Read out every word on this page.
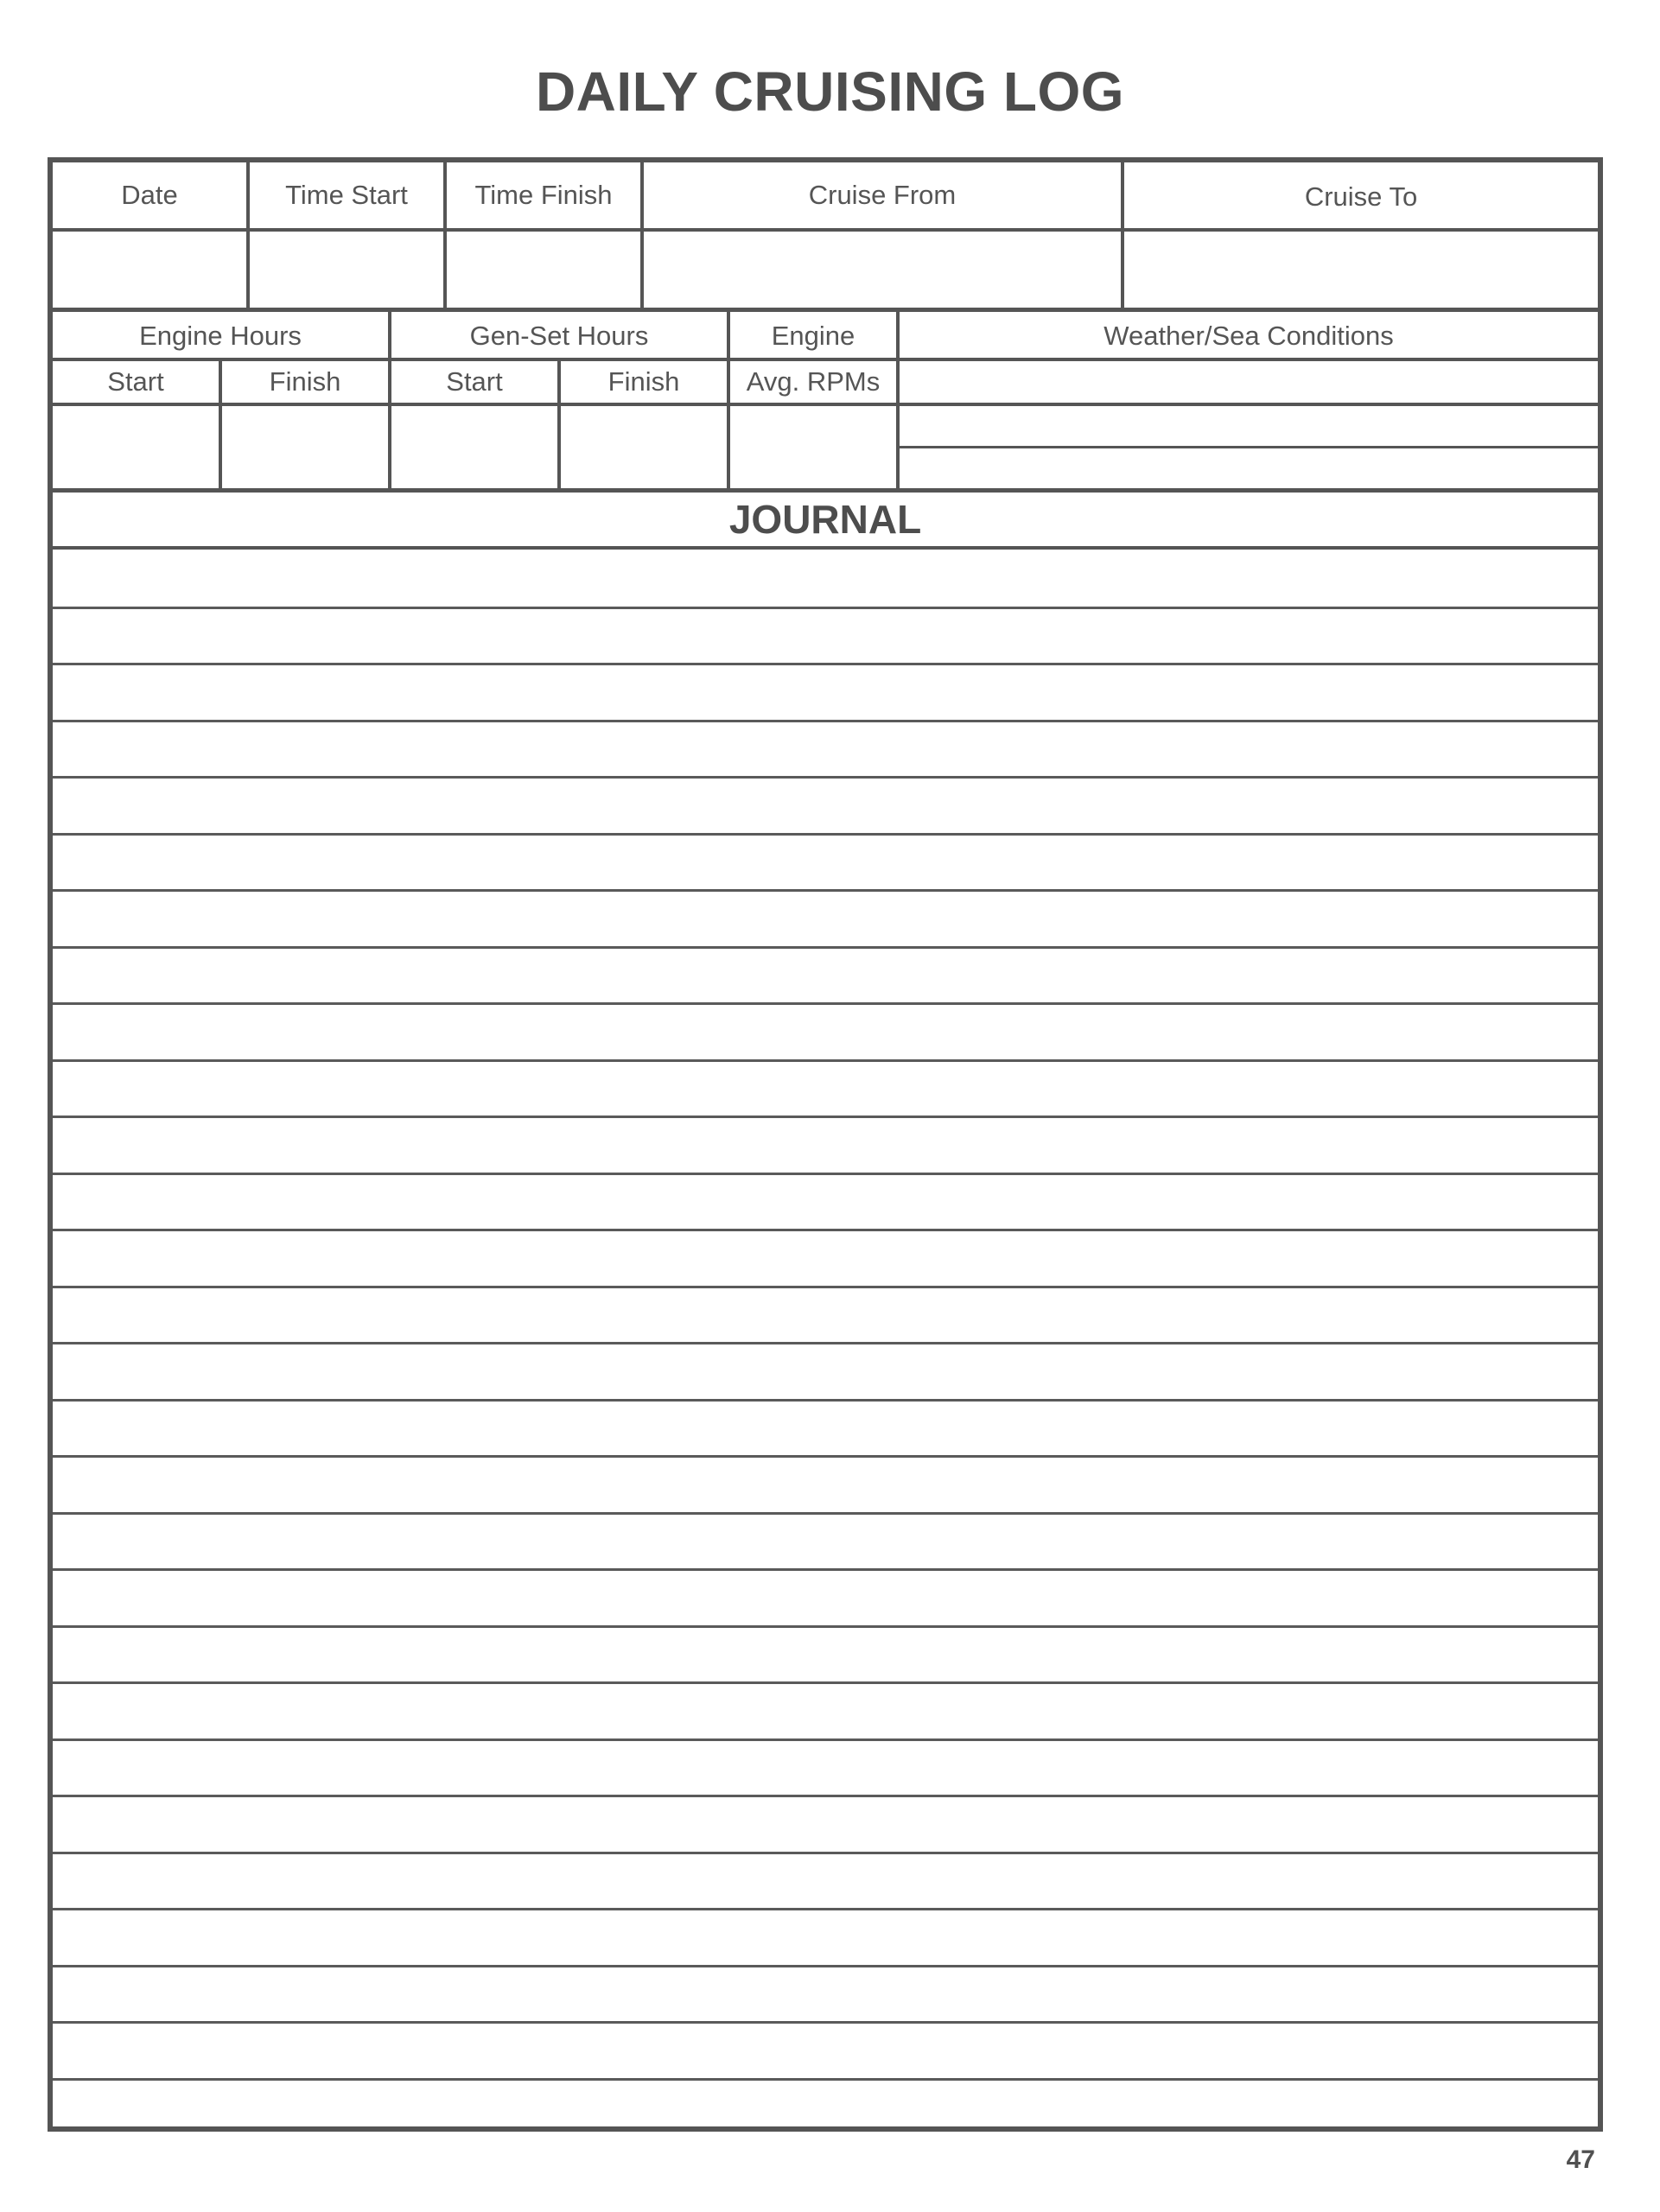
DAILY CRUISING LOG
Date	Time Start	Time Finish	Cruise From	Cruise To
Engine Hours	Gen-Set Hours	Engine	Weather/Sea Conditions
Start	Finish	Start	Finish	Avg. RPMs
JOURNAL
47
